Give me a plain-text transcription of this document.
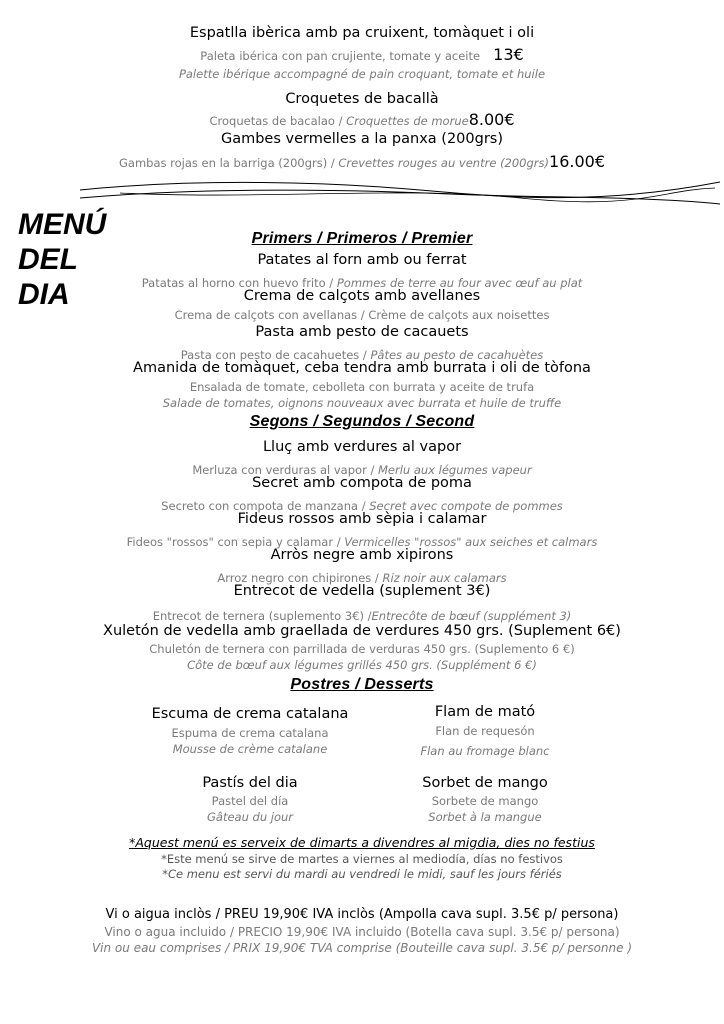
Espatlla ibèrica amb pa cruixent, tomàquet i oli
Paleta ibérica con pan crujiente, tomate y aceite 13€
Palette ibérique accompagné de pain croquant, tomate et huile
Croquetes de bacallà
Croquetas de bacalao / Croquettes de morue8.00€
Gambes vermelles a la panxa (200grs)
Gambas rojas en la barriga (200grs) / Crevettes rouges au ventre (200grs)16.00€
MENÚ
DEL
DIA
Primers / Primeros / Premier
Patates al forn amb ou ferrat
Patatas al horno con huevo frito / Pommes de terre au four avec œuf au plat
Crema de calçots amb avellanes
Crema de calçots con avellanas / Crème de calçots aux noisettes
Pasta amb pesto de cacauets
Pasta con pesto de cacahuetes / Pâtes au pesto de cacahuètes
Amanida de tomàquet, ceba tendra amb burrata i oli de tòfona
Ensalada de tomate, cebolleta con burrata y aceite de trufa
Salade de tomates, oignons nouveaux avec burrata et huile de truffe
Segons / Segundos / Second
Lluç amb verdures al vapor
Merluza con verduras al vapor / Merlu aux légumes vapeur
Secret amb compota de poma
Secreto con compota de manzana / Secret avec compote de pommes
Fideus rossos amb sèpia i calamar
Fideos "rossos" con sepia y calamar / Vermicelles "rossos" aux seiches et calmars
Arròs negre amb xipirons
Arroz negro con chipirones / Riz noir aux calamars
Entrecot de vedella (suplement 3€)
Entrecot de ternera (suplemento 3€) /Entrecôte de bœuf (supplément 3)
Xuletón de vedella amb graellada de verdures 450 grs. (Suplement 6€)
Chuletón de ternera con parrillada de verduras 450 grs. (Suplemento 6 €)
Côte de bœuf aux légumes grillés 450 grs. (Supplément 6 €)
Postres / Desserts
Escuma de crema catalana
Espuma de crema catalana
Mousse de crème catalane
Flam de mató
Flan de requesón
Flan au fromage blanc
Pastís del dia
Pastel del día
Gâteau du jour
Sorbet de mango
Sorbete de mango
Sorbet à la mangue
*Aquest menú es serveix de dimarts a divendres al migdia, dies no festius
*Este menú se sirve de martes a viernes al mediodía, días no festivos
*Ce menu est servi du mardi au vendredi le midi, sauf les jours fériés
Vi o aigua inclòs / PREU 19,90€ IVA inclòs (Ampolla cava supl. 3.5€ p/ persona)
Vino o agua incluido / PRECIO 19,90€ IVA incluido (Botella cava supl. 3.5€ p/ persona)
Vin ou eau comprises / PRIX 19,90€ TVA comprise (Bouteille cava supl. 3.5€ p/ personne )
